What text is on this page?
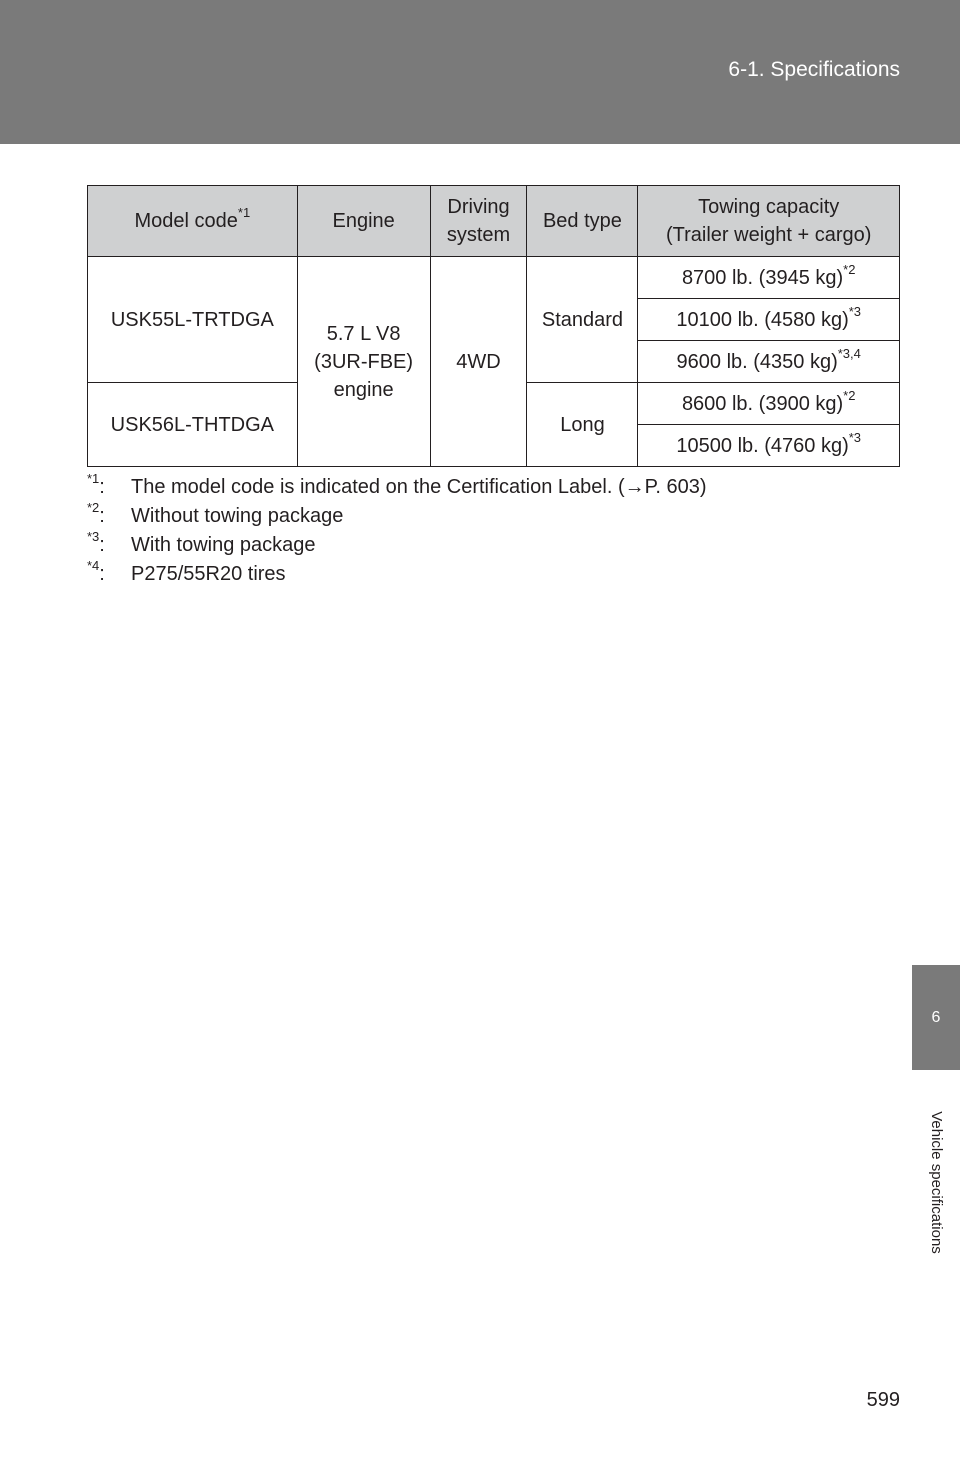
6-1. Specifications
6
Vehicle specifications
Model code$^{*1}$	Engine	Driving
system	Bed type	Towing capacity
(Trailer weight + cargo)
USK55L-TRTDGA	5.7 L V8
(3UR-FBE)
engine	4WD	Standard	8700 lb. (3945 kg)$^{*2}$
				10100 lb. (4580 kg)$^{*3}$
				9600 lb. (4350 kg)$^{*3,4}$
USK56L-THTDGA			Long	8600 lb. (3900 kg)$^{*2}$
				10500 lb. (4760 kg)$^{*3}$
$^{*1}$:	The model code is indicated on the Certification Label. (→P. 603)
$^{*2}$:	Without towing package
$^{*3}$:	With towing package
$^{*4}$:	P275/55R20 tires
599
